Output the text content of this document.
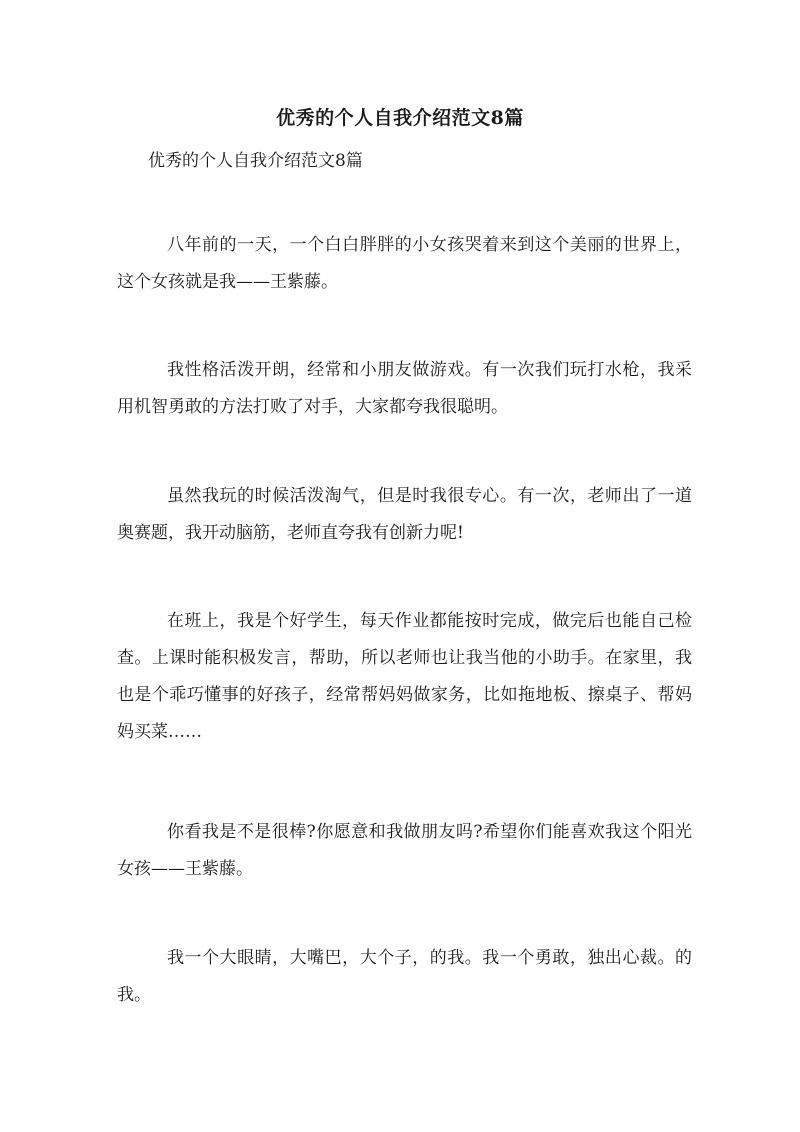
优秀的个人自我介绍范文8篇
优秀的个人自我介绍范文8篇

八年前的一天，一个白白胖胖的小女孩哭着来到这个美丽的世界上，这个女孩就是我——王紫藤。

我性格活泼开朗，经常和小朋友做游戏。有一次我们玩打水枪，我采用机智勇敢的方法打败了对手，大家都夸我很聪明。

虽然我玩的时候活泼淘气，但是时我很专心。有一次，老师出了一道奥赛题，我开动脑筋，老师直夸我有创新力呢!

在班上，我是个好学生，每天作业都能按时完成，做完后也能自己检查。上课时能积极发言，帮助，所以老师也让我当他的小助手。在家里，我也是个乖巧懂事的好孩子，经常帮妈妈做家务，比如拖地板、擦桌子、帮妈妈买菜……

你看我是不是很棒?你愿意和我做朋友吗?希望你们能喜欢我这个阳光女孩——王紫藤。

我一个大眼睛，大嘴巴，大个子，的我。我一个勇敢，独出心裁。的我。
